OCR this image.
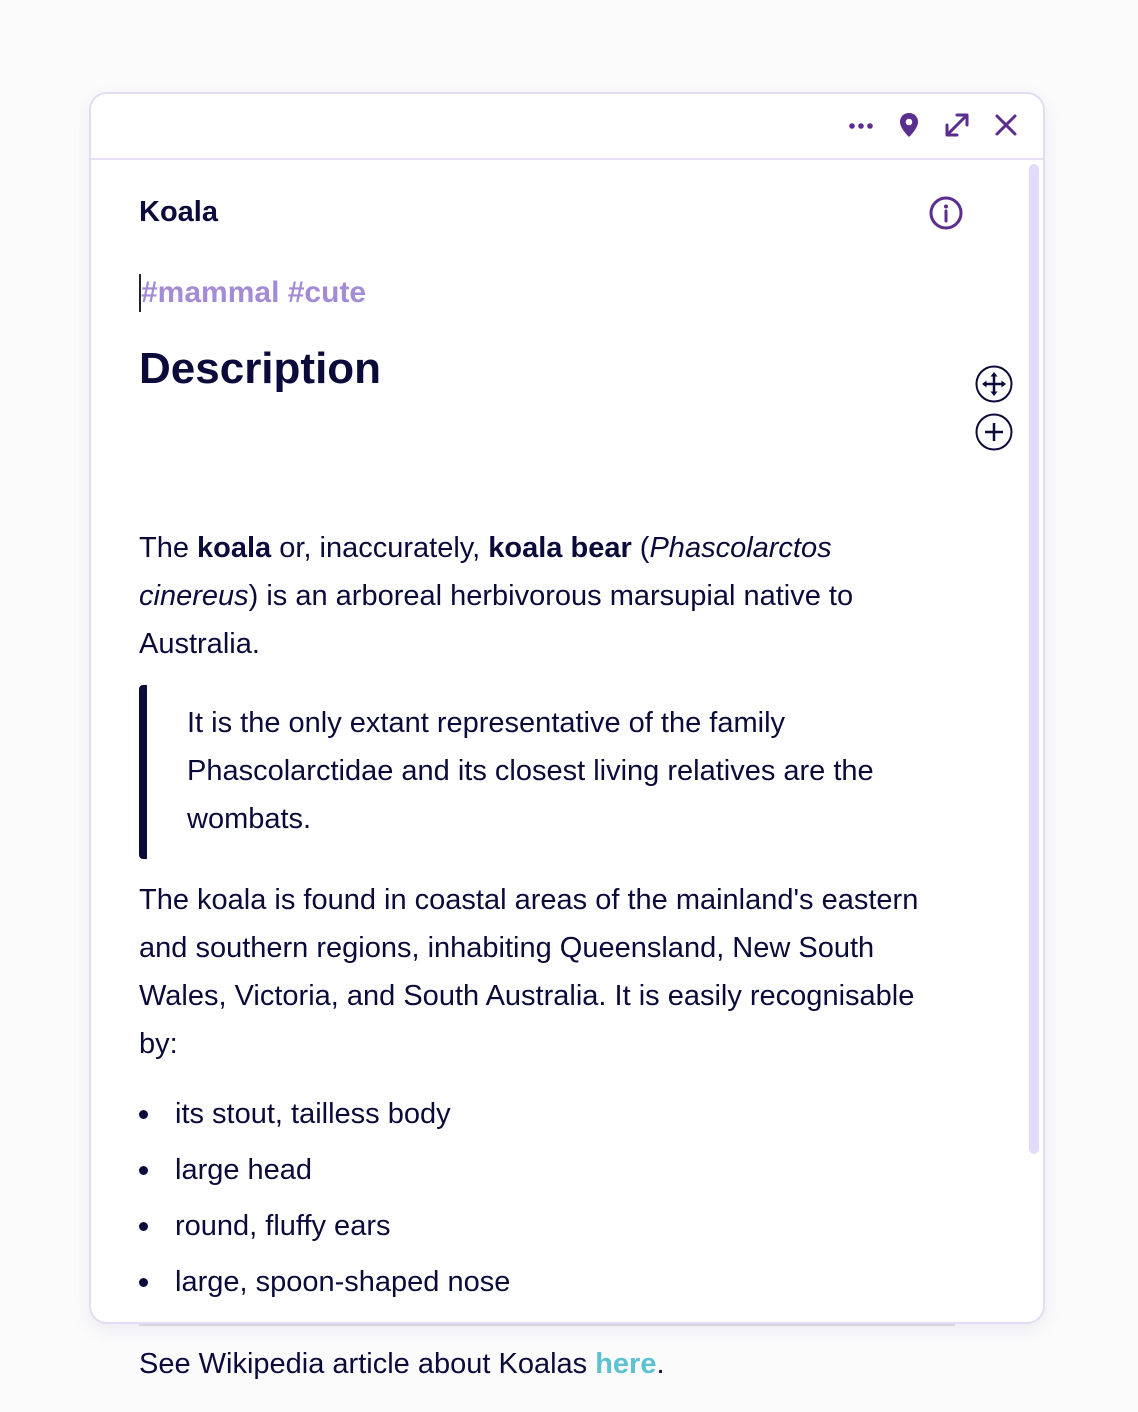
Koala
#mammal #cute
Description

The koala or, inaccurately, koala bear (Phascolarctos cinereus) is an arboreal herbivorous marsupial native to Australia.

It is the only extant representative of the family Phascolarctidae and its closest living relatives are the wombats.

The koala is found in coastal areas of the mainland's eastern and southern regions, inhabiting Queensland, New South Wales, Victoria, and South Australia. It is easily recognisable by:

its stout, tailless body
large head
round, fluffy ears
large, spoon-shaped nose

See Wikipedia article about Koalas here.
